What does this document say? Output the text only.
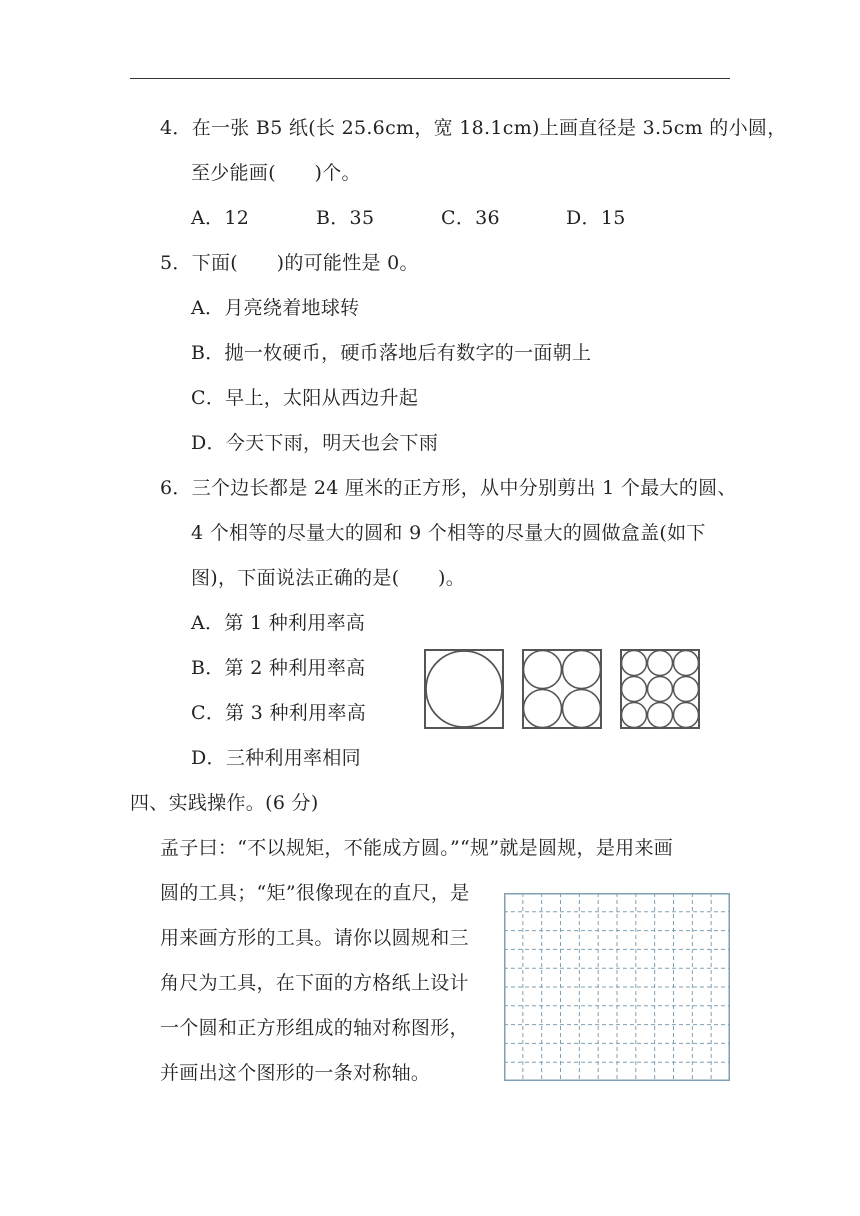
4．在一张 B5 纸(长 25.6cm，宽 18.1cm)上画直径是 3.5cm 的小圆，
至少能画(　　)个。
A．12	B．35	C．36	D．15
5．下面(　　)的可能性是 0。
A．月亮绕着地球转
B．抛一枚硬币，硬币落地后有数字的一面朝上
C．早上，太阳从西边升起
D．今天下雨，明天也会下雨
6．三个边长都是 24 厘米的正方形，从中分别剪出 1 个最大的圆、
4 个相等的尽量大的圆和 9 个相等的尽量大的圆做盒盖(如下
图)，下面说法正确的是(　　)。
A．第 1 种利用率高
B．第 2 种利用率高
C．第 3 种利用率高
D．三种利用率相同
四、实践操作。(6 分)
孟子曰：“不以规矩，不能成方圆。”“规”就是圆规，是用来画
圆的工具；“矩”很像现在的直尺，是
用来画方形的工具。请你以圆规和三
角尺为工具，在下面的方格纸上设计
一个圆和正方形组成的轴对称图形，
并画出这个图形的一条对称轴。
